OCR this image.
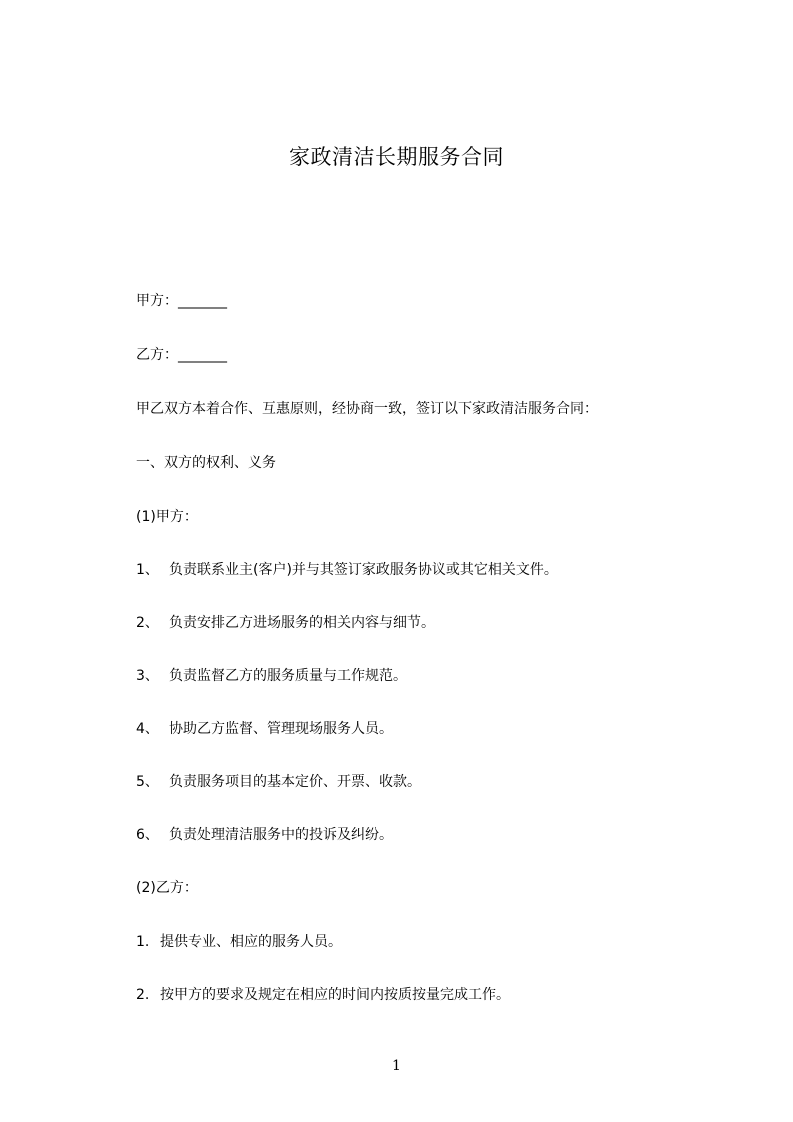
家政清洁长期服务合同
甲方：_______
乙方：_______
甲乙双方本着合作、互惠原则，经协商一致，签订以下家政清洁服务合同：
一、双方的权利、义务
(1)甲方：
1、 负责联系业主(客户)并与其签订家政服务协议或其它相关文件。
2、 负责安排乙方进场服务的相关内容与细节。
3、 负责监督乙方的服务质量与工作规范。
4、 协助乙方监督、管理现场服务人员。
5、 负责服务项目的基本定价、开票、收款。
6、 负责处理清洁服务中的投诉及纠纷。
(2)乙方：
1. 提供专业、相应的服务人员。
2. 按甲方的要求及规定在相应的时间内按质按量完成工作。
1
